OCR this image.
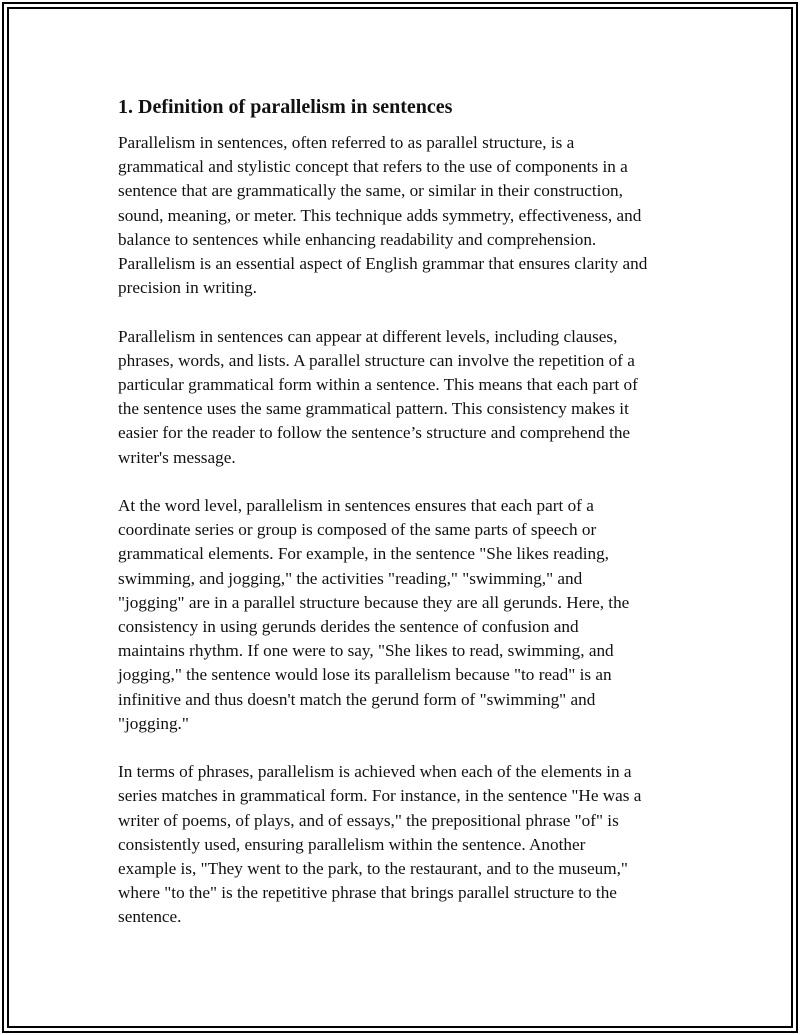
1. Definition of parallelism in sentences

Parallelism in sentences, often referred to as parallel structure, is a
grammatical and stylistic concept that refers to the use of components in a
sentence that are grammatically the same, or similar in their construction,
sound, meaning, or meter. This technique adds symmetry, effectiveness, and
balance to sentences while enhancing readability and comprehension.
Parallelism is an essential aspect of English grammar that ensures clarity and
precision in writing.

Parallelism in sentences can appear at different levels, including clauses,
phrases, words, and lists. A parallel structure can involve the repetition of a
particular grammatical form within a sentence. This means that each part of
the sentence uses the same grammatical pattern. This consistency makes it
easier for the reader to follow the sentence’s structure and comprehend the
writer's message.

At the word level, parallelism in sentences ensures that each part of a
coordinate series or group is composed of the same parts of speech or
grammatical elements. For example, in the sentence "She likes reading,
swimming, and jogging," the activities "reading," "swimming," and
"jogging" are in a parallel structure because they are all gerunds. Here, the
consistency in using gerunds derides the sentence of confusion and
maintains rhythm. If one were to say, "She likes to read, swimming, and
jogging," the sentence would lose its parallelism because "to read" is an
infinitive and thus doesn't match the gerund form of "swimming" and
"jogging."

In terms of phrases, parallelism is achieved when each of the elements in a
series matches in grammatical form. For instance, in the sentence "He was a
writer of poems, of plays, and of essays," the prepositional phrase "of" is
consistently used, ensuring parallelism within the sentence. Another
example is, "They went to the park, to the restaurant, and to the museum,"
where "to the" is the repetitive phrase that brings parallel structure to the
sentence.
